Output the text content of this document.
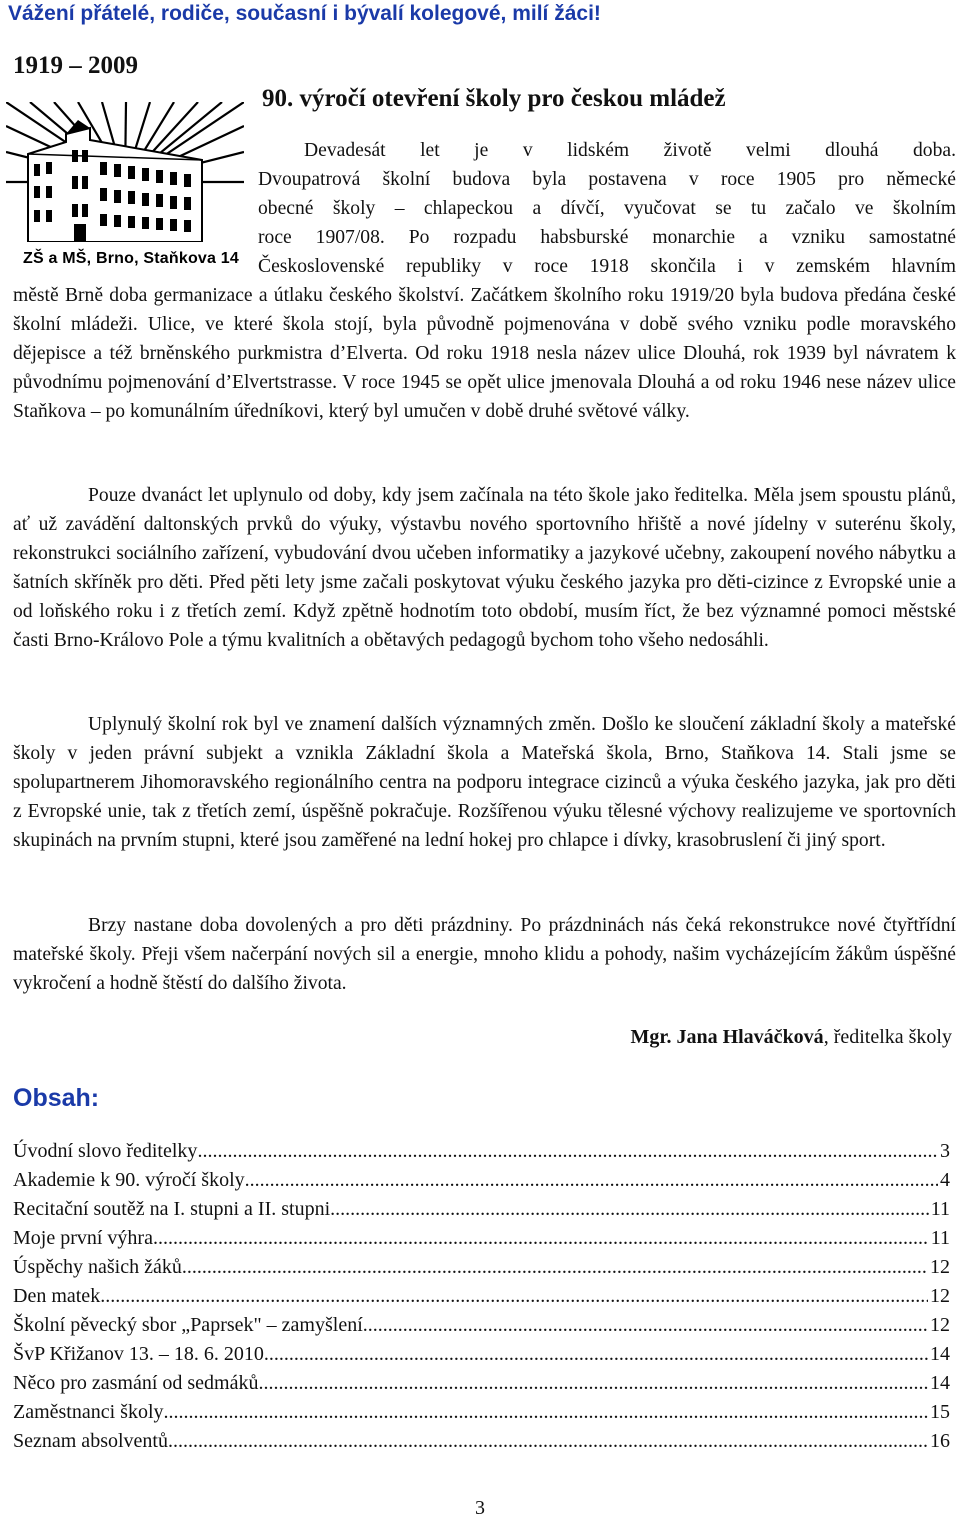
Vážení přátelé, rodiče, současní i bývalí kolegové, milí žáci!
1919 – 2009
90. výročí otevření školy pro českou mládež
ZŠ a MŠ, Brno, Staňkova 14
Devadesát let je v lidském životě velmi dlouhá doba.
Dvoupatrová školní budova byla postavena v roce 1905 pro německé
obecné školy – chlapeckou a dívčí, vyučovat se tu začalo ve školním
roce 1907/08. Po rozpadu habsburské monarchie a vzniku samostatné
Československé republiky v roce 1918 skončila i v zemském hlavním

městě Brně doba germanizace a útlaku českého školství. Začátkem školního roku 1919/20 byla budova předána české školní mládeži. Ulice, ve které škola stojí, byla původně pojmenována v době svého vzniku podle moravského dějepisce a též brněnského purkmistra d’Elverta. Od roku 1918 nesla název ulice Dlouhá, rok 1939 byl návratem k původnímu pojmenování d’Elvertstrasse. V roce 1945 se opět ulice jmenovala Dlouhá a od roku 1946 nese název ulice Staňkova – po komunálním úředníkovi, který byl umučen v době druhé světové války.

Pouze dvanáct let uplynulo od doby, kdy jsem začínala na této škole jako ředitelka. Měla jsem spoustu plánů, ať už zavádění daltonských prvků do výuky, výstavbu nového sportovního hřiště a nové jídelny v suterénu školy, rekonstrukci sociálního zařízení, vybudování dvou učeben informatiky a jazykové učebny, zakoupení nového nábytku a šatních skříněk pro děti. Před pěti lety jsme začali poskytovat výuku českého jazyka pro děti-cizince z Evropské unie a od loňského roku i z třetích zemí. Když zpětně hodnotím toto období, musím říct, že bez významné pomoci městské časti Brno-Královo Pole a týmu kvalitních a obětavých pedagogů bychom toho všeho nedosáhli.

Uplynulý školní rok byl ve znamení dalších významných změn. Došlo ke sloučení základní školy a mateřské školy v jeden právní subjekt a vznikla Základní škola a Mateřská škola, Brno, Staňkova 14. Stali jsme se spolupartnerem Jihomoravského regionálního centra na podporu integrace cizinců a výuka českého jazyka, jak pro děti z Evropské unie, tak z třetích zemí, úspěšně pokračuje. Rozšířenou výuku tělesné výchovy realizujeme ve sportovních skupinách na prvním stupni, které jsou zaměřené na lední hokej pro chlapce i dívky, krasobruslení či jiný sport.

Brzy nastane doba dovolených a pro děti prázdniny. Po prázdninách nás čeká rekonstrukce nové čtyřtřídní mateřské školy. Přeji všem načerpání nových sil a energie, mnoho klidu a pohody, našim vycházejícím žákům úspěšné vykročení a hodně štěstí do dalšího života.

Mgr. Jana Hlaváčková, ředitelka školy
Obsah:
Úvodní slovo ředitelky .....	3
Akademie k 90. výročí školy .....	4
Recitační soutěž na I. stupni a II. stupni .....	11
Moje první výhra .....	11
Úspěchy našich žáků .....	12
Den matek .....	12
Školní pěvecký sbor „Paprsek" – zamyšlení .....	12
ŠvP Křižanov 13. – 18. 6. 2010. .....	14
Něco pro zasmání od sedmáků .....	14
Zaměstnanci školy .....	15
Seznam absolventů .....	16
3
